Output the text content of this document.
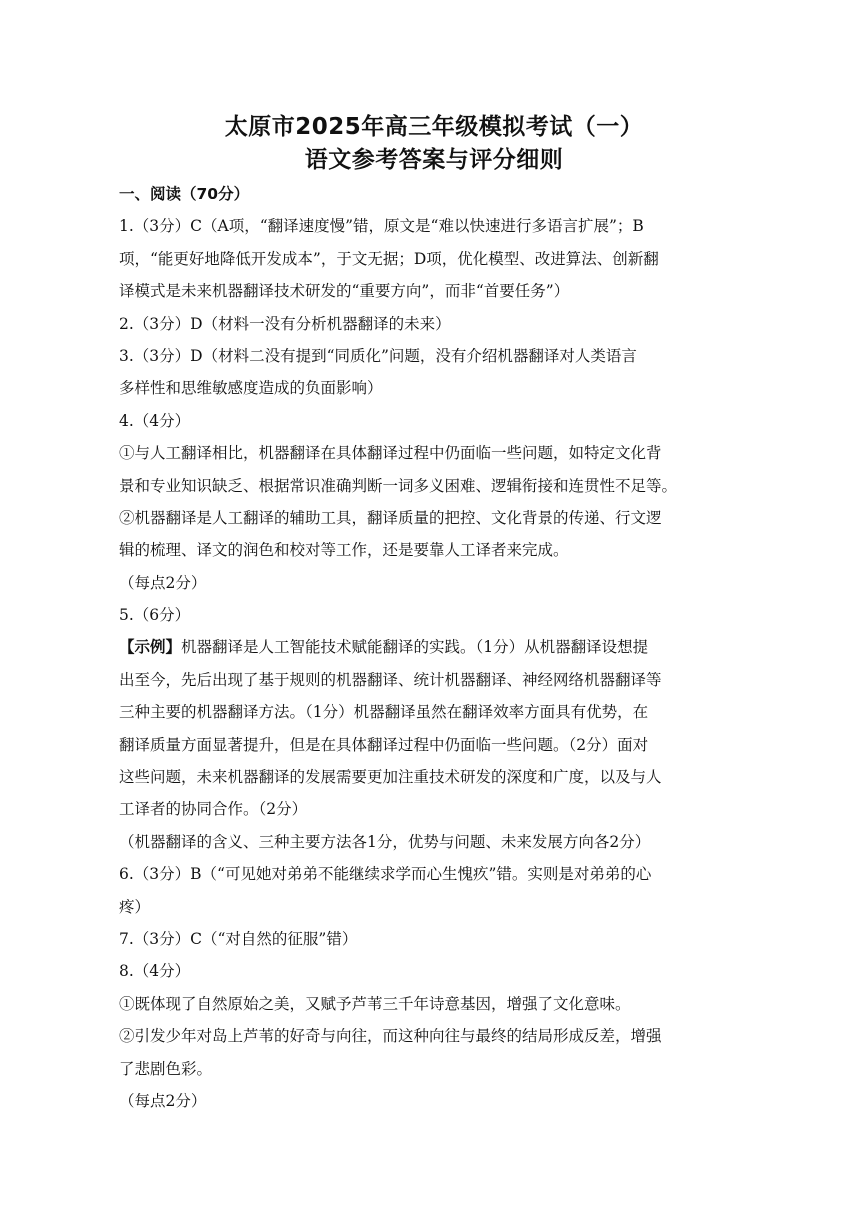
太原市2025年高三年级模拟考试（一）
语文参考答案与评分细则
一、阅读（70分）
1.（3分）C（A项，“翻译速度慢”错，原文是“难以快速进行多语言扩展”；B
项，“能更好地降低开发成本”，于文无据；D项，优化模型、改进算法、创新翻
译模式是未来机器翻译技术研发的“重要方向”，而非“首要任务”）
2.（3分）D（材料一没有分析机器翻译的未来）
3.（3分）D（材料二没有提到“同质化”问题，没有介绍机器翻译对人类语言
多样性和思维敏感度造成的负面影响）
4.（4分）
①与人工翻译相比，机器翻译在具体翻译过程中仍面临一些问题，如特定文化背
景和专业知识缺乏、根据常识准确判断一词多义困难、逻辑衔接和连贯性不足等。
②机器翻译是人工翻译的辅助工具，翻译质量的把控、文化背景的传递、行文逻
辑的梳理、译文的润色和校对等工作，还是要靠人工译者来完成。
（每点2分）
5.（6分）
【示例】机器翻译是人工智能技术赋能翻译的实践。（1分）从机器翻译设想提
出至今，先后出现了基于规则的机器翻译、统计机器翻译、神经网络机器翻译等
三种主要的机器翻译方法。（1分）机器翻译虽然在翻译效率方面具有优势，在
翻译质量方面显著提升，但是在具体翻译过程中仍面临一些问题。（2分）面对
这些问题，未来机器翻译的发展需要更加注重技术研发的深度和广度，以及与人
工译者的协同合作。（2分）
（机器翻译的含义、三种主要方法各1分，优势与问题、未来发展方向各2分）
6.（3分）B（“可见她对弟弟不能继续求学而心生愧疚”错。实则是对弟弟的心
疼）
7.（3分）C（“对自然的征服”错）
8.（4分）
①既体现了自然原始之美，又赋予芦苇三千年诗意基因，增强了文化意味。
②引发少年对岛上芦苇的好奇与向往，而这种向往与最终的结局形成反差，增强
了悲剧色彩。
（每点2分）
